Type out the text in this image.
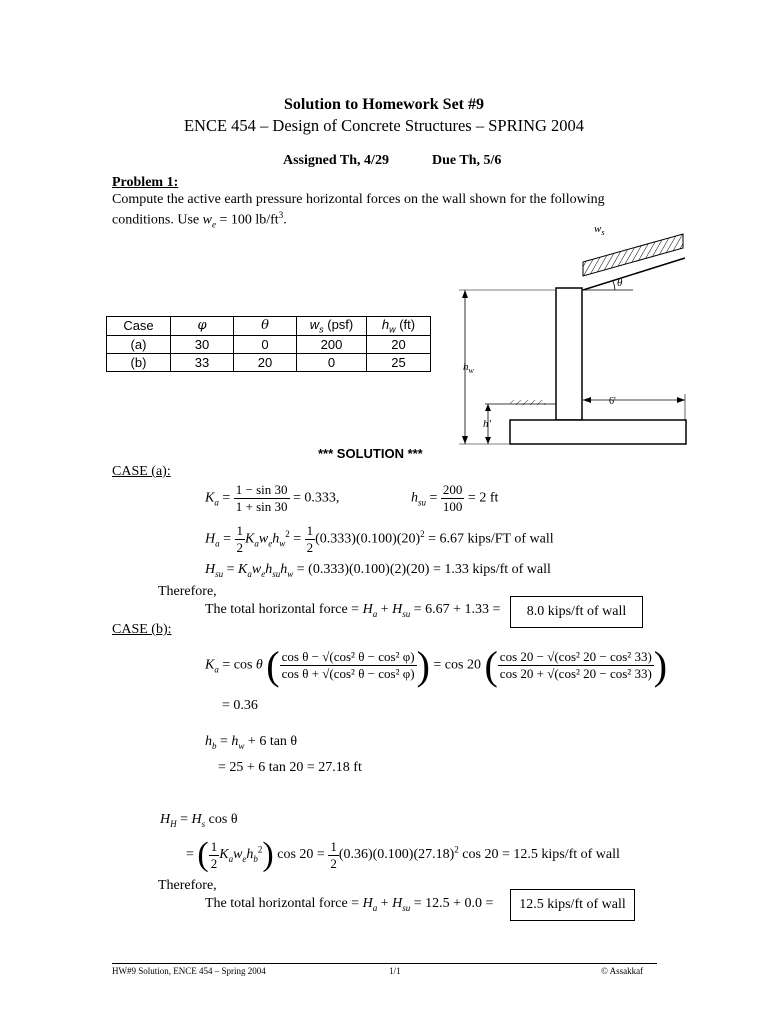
Solution to Homework Set #9
ENCE 454 – Design of Concrete Structures – SPRING 2004
Assigned Th, 4/29	Due Th, 5/6
Problem 1:
Compute the active earth pressure horizontal forces on the wall shown for the following
conditions. Use $w_e = 100$ $lb/ft^3$.
Case	φ	θ	$w_s$ (psf)	$h_w$ (ft)
(a)	30	0	200	20
(b)	33	20	0	25
$w_s$
θ
$h_w$
6'
h'
*** SOLUTION ***
CASE (a):
$K_a = \frac{1 - \sin 30}{1 + \sin 30} = 0.333$,	$h_{su} = \frac{200}{100} = 2$ ft
$H_a = \frac{1}{2} K_aw_eh_w^2 = \frac{1}{2} (0.333)(0.100)(20)^2 = 6.67$ kips/FT of wall
$H_{su} = K_aw_eh_{su}h_w = (0.333)(0.100)(2)(20) = 1.33$ kips/ft of wall
Therefore,
The total horizontal force = $H_a + H_{su} = 6.67 + 1.33$ =	8.0 kips/ft of wall
CASE (b):
$K_a = \cos \theta$ ( $\frac{\text{cos θ − √(cos² θ − cos² φ)}}{\text{cos θ + √(cos² θ − cos² φ)}}$ ) = cos 20 ( $\frac{\text{cos 20 − √(cos² 20 − cos² 33)}}{\text{cos 20 + √(cos² 20 − cos² 33)}}$ )
= 0.36
$h_b = h_w + 6$ tan θ
= 25 + 6 tan 20 = 27.18 ft
$H_H = H_s$ cos θ
= ( $\frac{1}{2} K_aw_eh_b^2$) $\cos 20 = \frac{1}{2} (0.36)(0.100)(27.18)^2$ cos 20 = 12.5 kips/ft of wall
Therefore,
The total horizontal force = $H_a + H_{su} = 12.5 + 0.0$ =	12.5 kips/ft of wall
HW#9 Solution, ENCE 454 – Spring 2004	1/1	© Assakkaf
